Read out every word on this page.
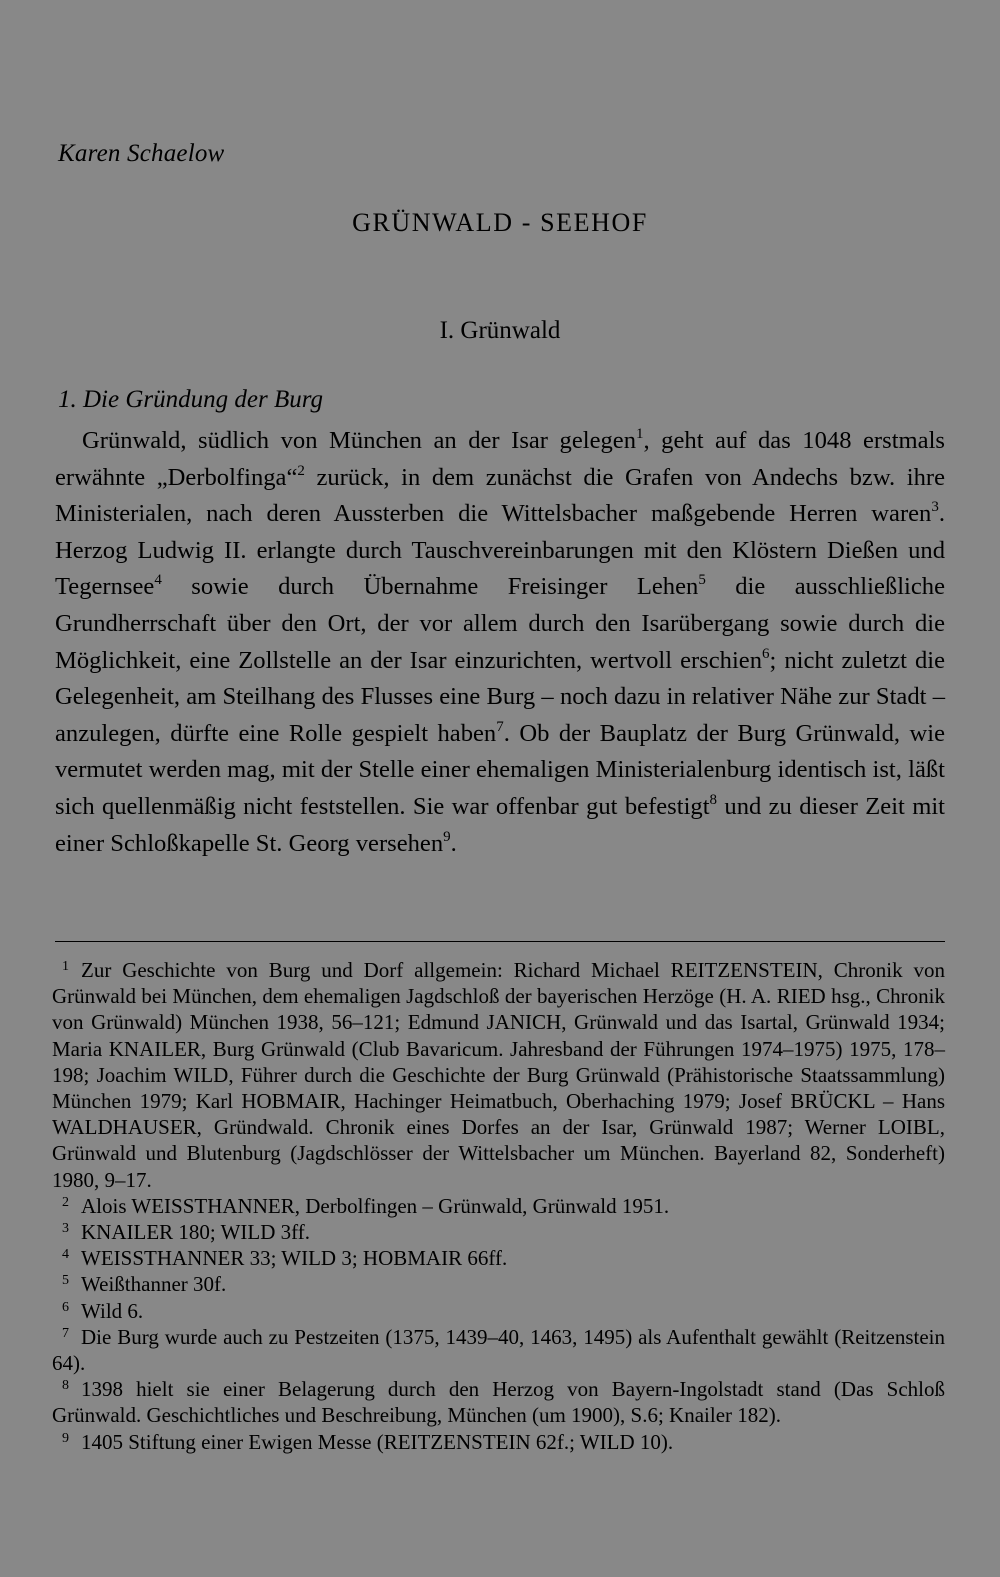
Karen Schaelow
GRÜNWALD - SEEHOF
I. Grünwald
1. Die Gründung der Burg

Grünwald, südlich von München an der Isar gelegen$^1$, geht auf das 1048 erstmals erwähnte „Derbolfinga“$^2$ zurück, in dem zunächst die Grafen von Andechs bzw. ihre Ministerialen, nach deren Aussterben die Wittelsbacher maßgebende Herren waren$^3$. Herzog Ludwig II. erlangte durch Tauschvereinbarungen mit den Klöstern Dießen und Tegernsee$^4$ sowie durch Übernahme Freisinger Lehen$^5$ die ausschließliche Grundherrschaft über den Ort, der vor allem durch den Isarübergang sowie durch die Möglichkeit, eine Zollstelle an der Isar einzurichten, wertvoll erschien$^6$; nicht zuletzt die Gelegenheit, am Steilhang des Flusses eine Burg – noch dazu in relativer Nähe zur Stadt – anzulegen, dürfte eine Rolle gespielt haben$^7$. Ob der Bauplatz der Burg Grünwald, wie vermutet werden mag, mit der Stelle einer ehemaligen Ministerialenburg identisch ist, läßt sich quellenmäßig nicht feststellen. Sie war offenbar gut befestigt$^8$ und zu dieser Zeit mit einer Schloßkapelle St. Georg versehen$^9$.

$^1$ Zur Geschichte von Burg und Dorf allgemein: Richard Michael REITZENSTEIN, Chronik von Grünwald bei München, dem ehemaligen Jagdschloß der bayerischen Herzöge (H. A. RIED hsg., Chronik von Grünwald) München 1938, 56–121; Edmund JANICH, Grünwald und das Isartal, Grünwald 1934; Maria KNAILER, Burg Grünwald (Club Bavaricum. Jahresband der Führungen 1974–1975) 1975, 178–198; Joachim WILD, Führer durch die Geschichte der Burg Grünwald (Prähistorische Staatssammlung) München 1979; Karl HOBMAIR, Hachinger Heimatbuch, Oberhaching 1979; Josef BRÜCKL – Hans WALDHAUSER, Gründwald. Chronik eines Dorfes an der Isar, Grünwald 1987; Werner LOIBL, Grünwald und Blutenburg (Jagdschlösser der Wittelsbacher um München. Bayerland 82, Sonderheft) 1980, 9–17.

$^2$ Alois WEISSTHANNER, Derbolfingen – Grünwald, Grünwald 1951.

$^3$ KNAILER 180; WILD 3ff.

$^4$ WEISSTHANNER 33; WILD 3; HOBMAIR 66ff.

$^5$ Weißthanner 30f.

$^6$ Wild 6.

$^7$ Die Burg wurde auch zu Pestzeiten (1375, 1439–40, 1463, 1495) als Aufenthalt gewählt (Reitzenstein 64).

$^8$ 1398 hielt sie einer Belagerung durch den Herzog von Bayern-Ingolstadt stand (Das Schloß Grünwald. Geschichtliches und Beschreibung, München (um 1900), S.6; Knailer 182).

$^9$ 1405 Stiftung einer Ewigen Messe (REITZENSTEIN 62f.; WILD 10).
